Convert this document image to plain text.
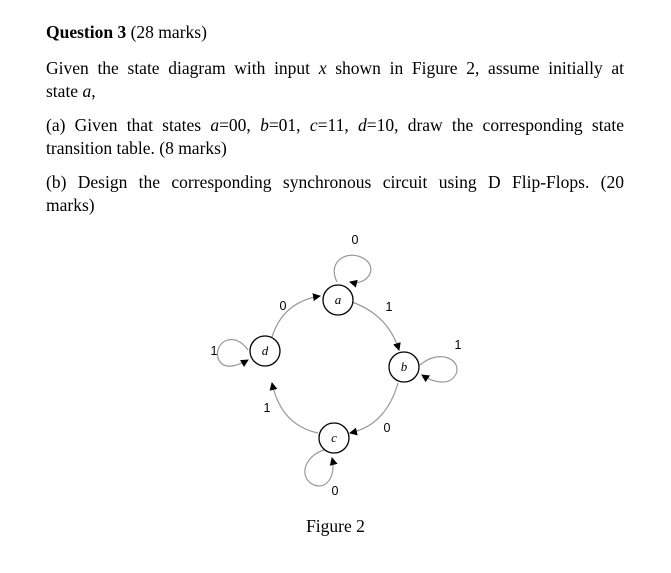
Question 3 (28 marks)
Given the state diagram with input x shown in Figure 2, assume initially at
state a,
(a) Given that states a=00, b=01, c=11, d=10, draw the corresponding state
transition table. (8 marks)
(b) Design the corresponding synchronous circuit using D Flip-Flops. (20
marks)
a
b
c
d
0
1
1
0
0
1
1
0
Figure 2
